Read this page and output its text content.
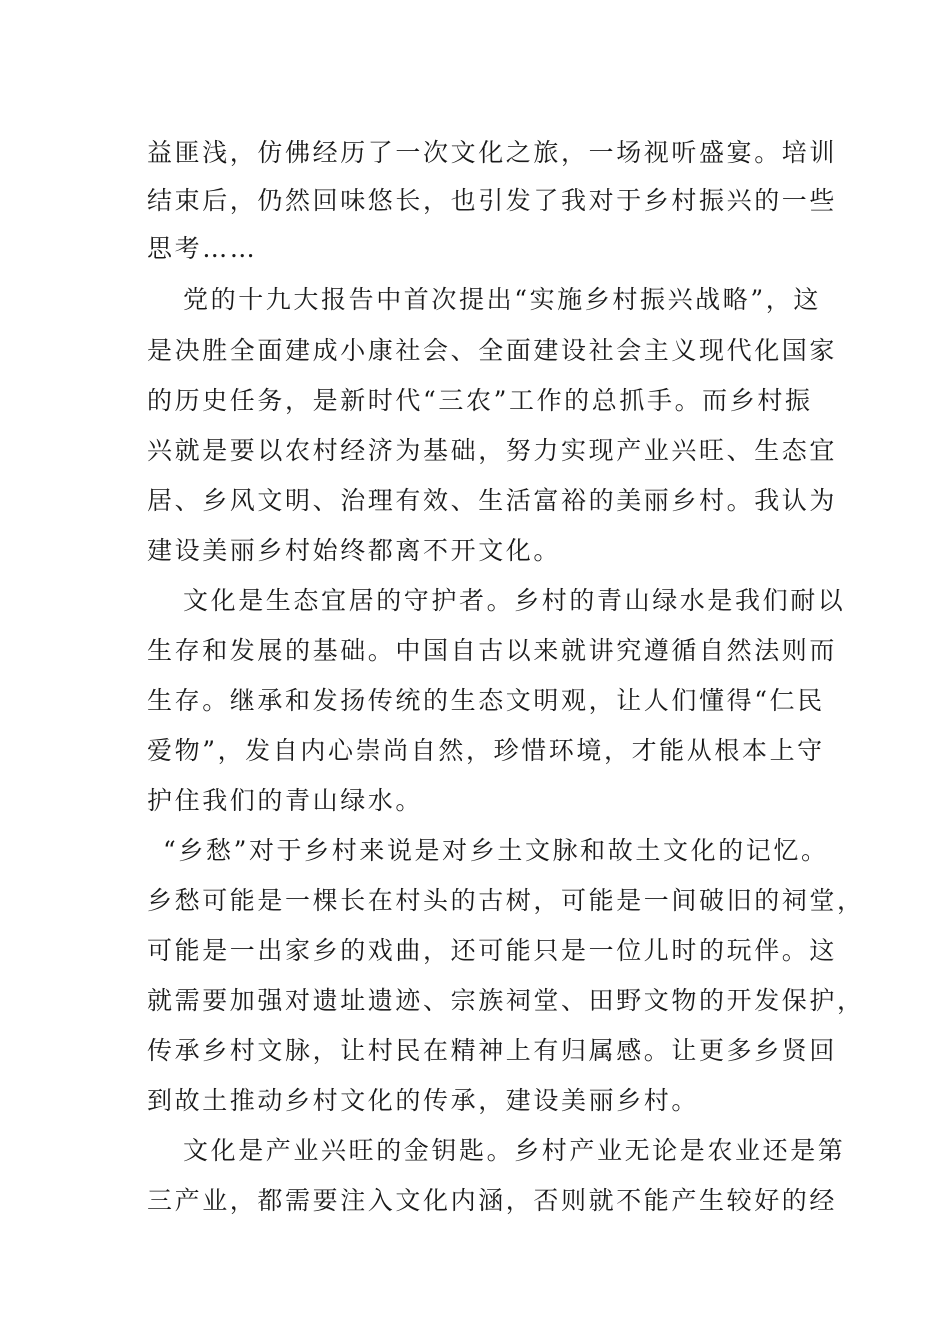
益匪浅，仿佛经历了一次文化之旅，一场视听盛宴。培训
结束后，仍然回味悠长，也引发了我对于乡村振兴的一些
思考……
党的十九大报告中首次提出“实施乡村振兴战略”，这
是决胜全面建成小康社会、全面建设社会主义现代化国家
的历史任务，是新时代“三农”工作的总抓手。而乡村振
兴就是要以农村经济为基础，努力实现产业兴旺、生态宜
居、乡风文明、治理有效、生活富裕的美丽乡村。我认为
建设美丽乡村始终都离不开文化。
文化是生态宜居的守护者。乡村的青山绿水是我们耐以
生存和发展的基础。中国自古以来就讲究遵循自然法则而
生存。继承和发扬传统的生态文明观，让人们懂得“仁民
爱物”，发自内心崇尚自然，珍惜环境，才能从根本上守
护住我们的青山绿水。
“乡愁”对于乡村来说是对乡土文脉和故土文化的记忆。
乡愁可能是一棵长在村头的古树，可能是一间破旧的祠堂，
可能是一出家乡的戏曲，还可能只是一位儿时的玩伴。这
就需要加强对遗址遗迹、宗族祠堂、田野文物的开发保护，
传承乡村文脉，让村民在精神上有归属感。让更多乡贤回
到故土推动乡村文化的传承，建设美丽乡村。
文化是产业兴旺的金钥匙。乡村产业无论是农业还是第
三产业，都需要注入文化内涵，否则就不能产生较好的经
